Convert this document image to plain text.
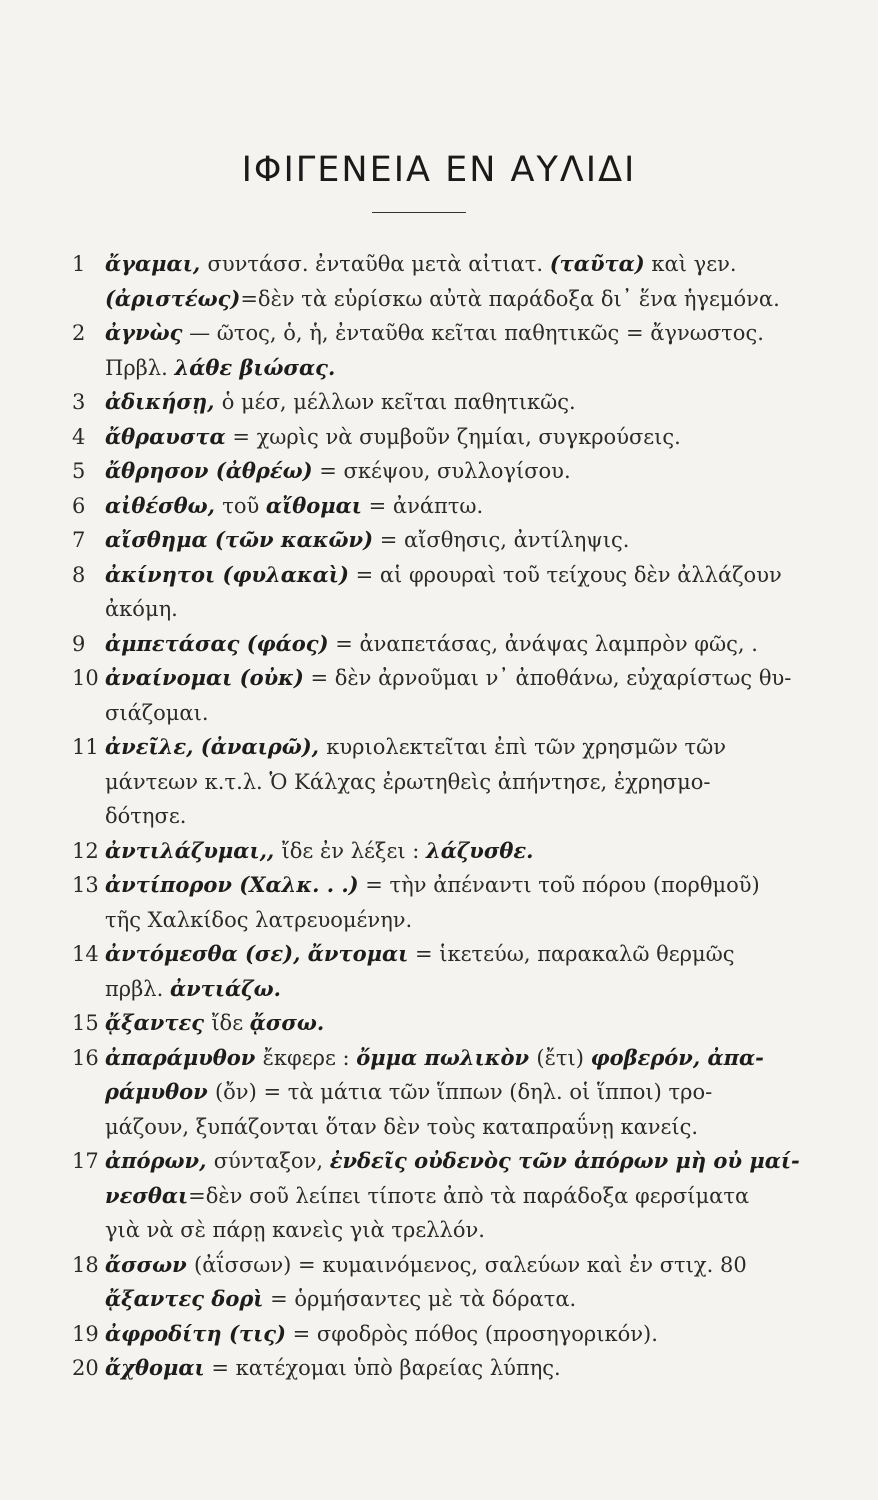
ΙΦΙΓΕΝΕΙΑ ΕΝ ΑΥΛΙΔΙ
1 ἄγαμαι, συντάσσ. ἐνταῦθα μετὰ αἰτιατ. (ταῦτα) καὶ γεν.
(ἀριστέως)=δὲν τὰ εὑρίσκω αὐτὰ παράδοξα δι᾽ ἕνα ἡγεμόνα.
2 ἀγνὼς — ῶτος, ὁ, ἡ, ἐνταῦθα κεῖται παθητικῶς = ἄγνωστος.
Πρβλ. λάθε βιώσας.
3 ἀδικήσῃ, ὁ μέσ, μέλλων κεῖται παθητικῶς.
4 ἄθραυστα = χωρὶς νὰ συμβοῦν ζημίαι, συγκρούσεις.
5 ἄθρησον (ἀθρέω) = σκέψου, συλλογίσου.
6 αἰθέσθω, τοῦ αἴθομαι = ἀνάπτω.
7 αἴσθημα (τῶν κακῶν) = αἴσθησις, ἀντίληψις.
8 ἀκίνητοι (φυλακαὶ) = αἱ φρουραὶ τοῦ τείχους δὲν ἀλλάζουν
ἀκόμη.
9 ἀμπετάσας (φάος) = ἀναπετάσας, ἀνάψας λαμπρὸν φῶς, .
10 ἀναίνομαι (οὐκ) = δὲν ἀρνοῦμαι ν᾽ ἀποθάνω, εὐχαρίστως θυ-
σιάζομαι.
11 ἀνεῖλε, (ἀναιρῶ), κυριολεκτεῖται ἐπὶ τῶν χρησμῶν τῶν
μάντεων κ.τ.λ. Ὁ Κάλχας ἐρωτηθεὶς ἀπήντησε, ἐχρησμο-
δότησε.
12 ἀντιλάζυμαι,, ἴδε ἐν λέξει : λάζυσθε.
13 ἀντίπορον (Χαλκ. . .) = τὴν ἀπέναντι τοῦ πόρου (πορθμοῦ)
τῆς Χαλκίδος λατρευομένην.
14 ἀντόμεσθα (σε), ἄντομαι = ἱκετεύω, παρακαλῶ θερμῶς
πρβλ. ἀντιάζω.
15 ᾄξαντες ἴδε ᾄσσω.
16 ἀπαράμυθον ἔκφερε : ὄμμα πωλικὸν (ἔτι) φοβερόν, ἀπα-
ράμυθον (ὄν) = τὰ μάτια τῶν ἵππων (δηλ. οἱ ἵπποι) τρο-
μάζουν, ξυπάζονται ὅταν δὲν τοὺς καταπραΰνῃ κανείς.
17 ἀπόρων, σύνταξον, ἐνδεῖς οὐδενὸς τῶν ἀπόρων μὴ οὐ μαί-
νεσθαι=δὲν σοῦ λείπει τίποτε ἀπὸ τὰ παράδοξα φερσίματα
γιὰ νὰ σὲ πάρῃ κανεὶς γιὰ τρελλόν.
18 ἄσσων (ἀΐσσων) = κυμαινόμενος, σαλεύων καὶ ἐν στιχ. 80
ᾄξαντες δορὶ = ὁρμήσαντες μὲ τὰ δόρατα.
19 ἀφροδίτη (τις) = σφοδρὸς πόθος (προσηγορικόν).
20 ἄχθομαι = κατέχομαι ὑπὸ βαρείας λύπης.
